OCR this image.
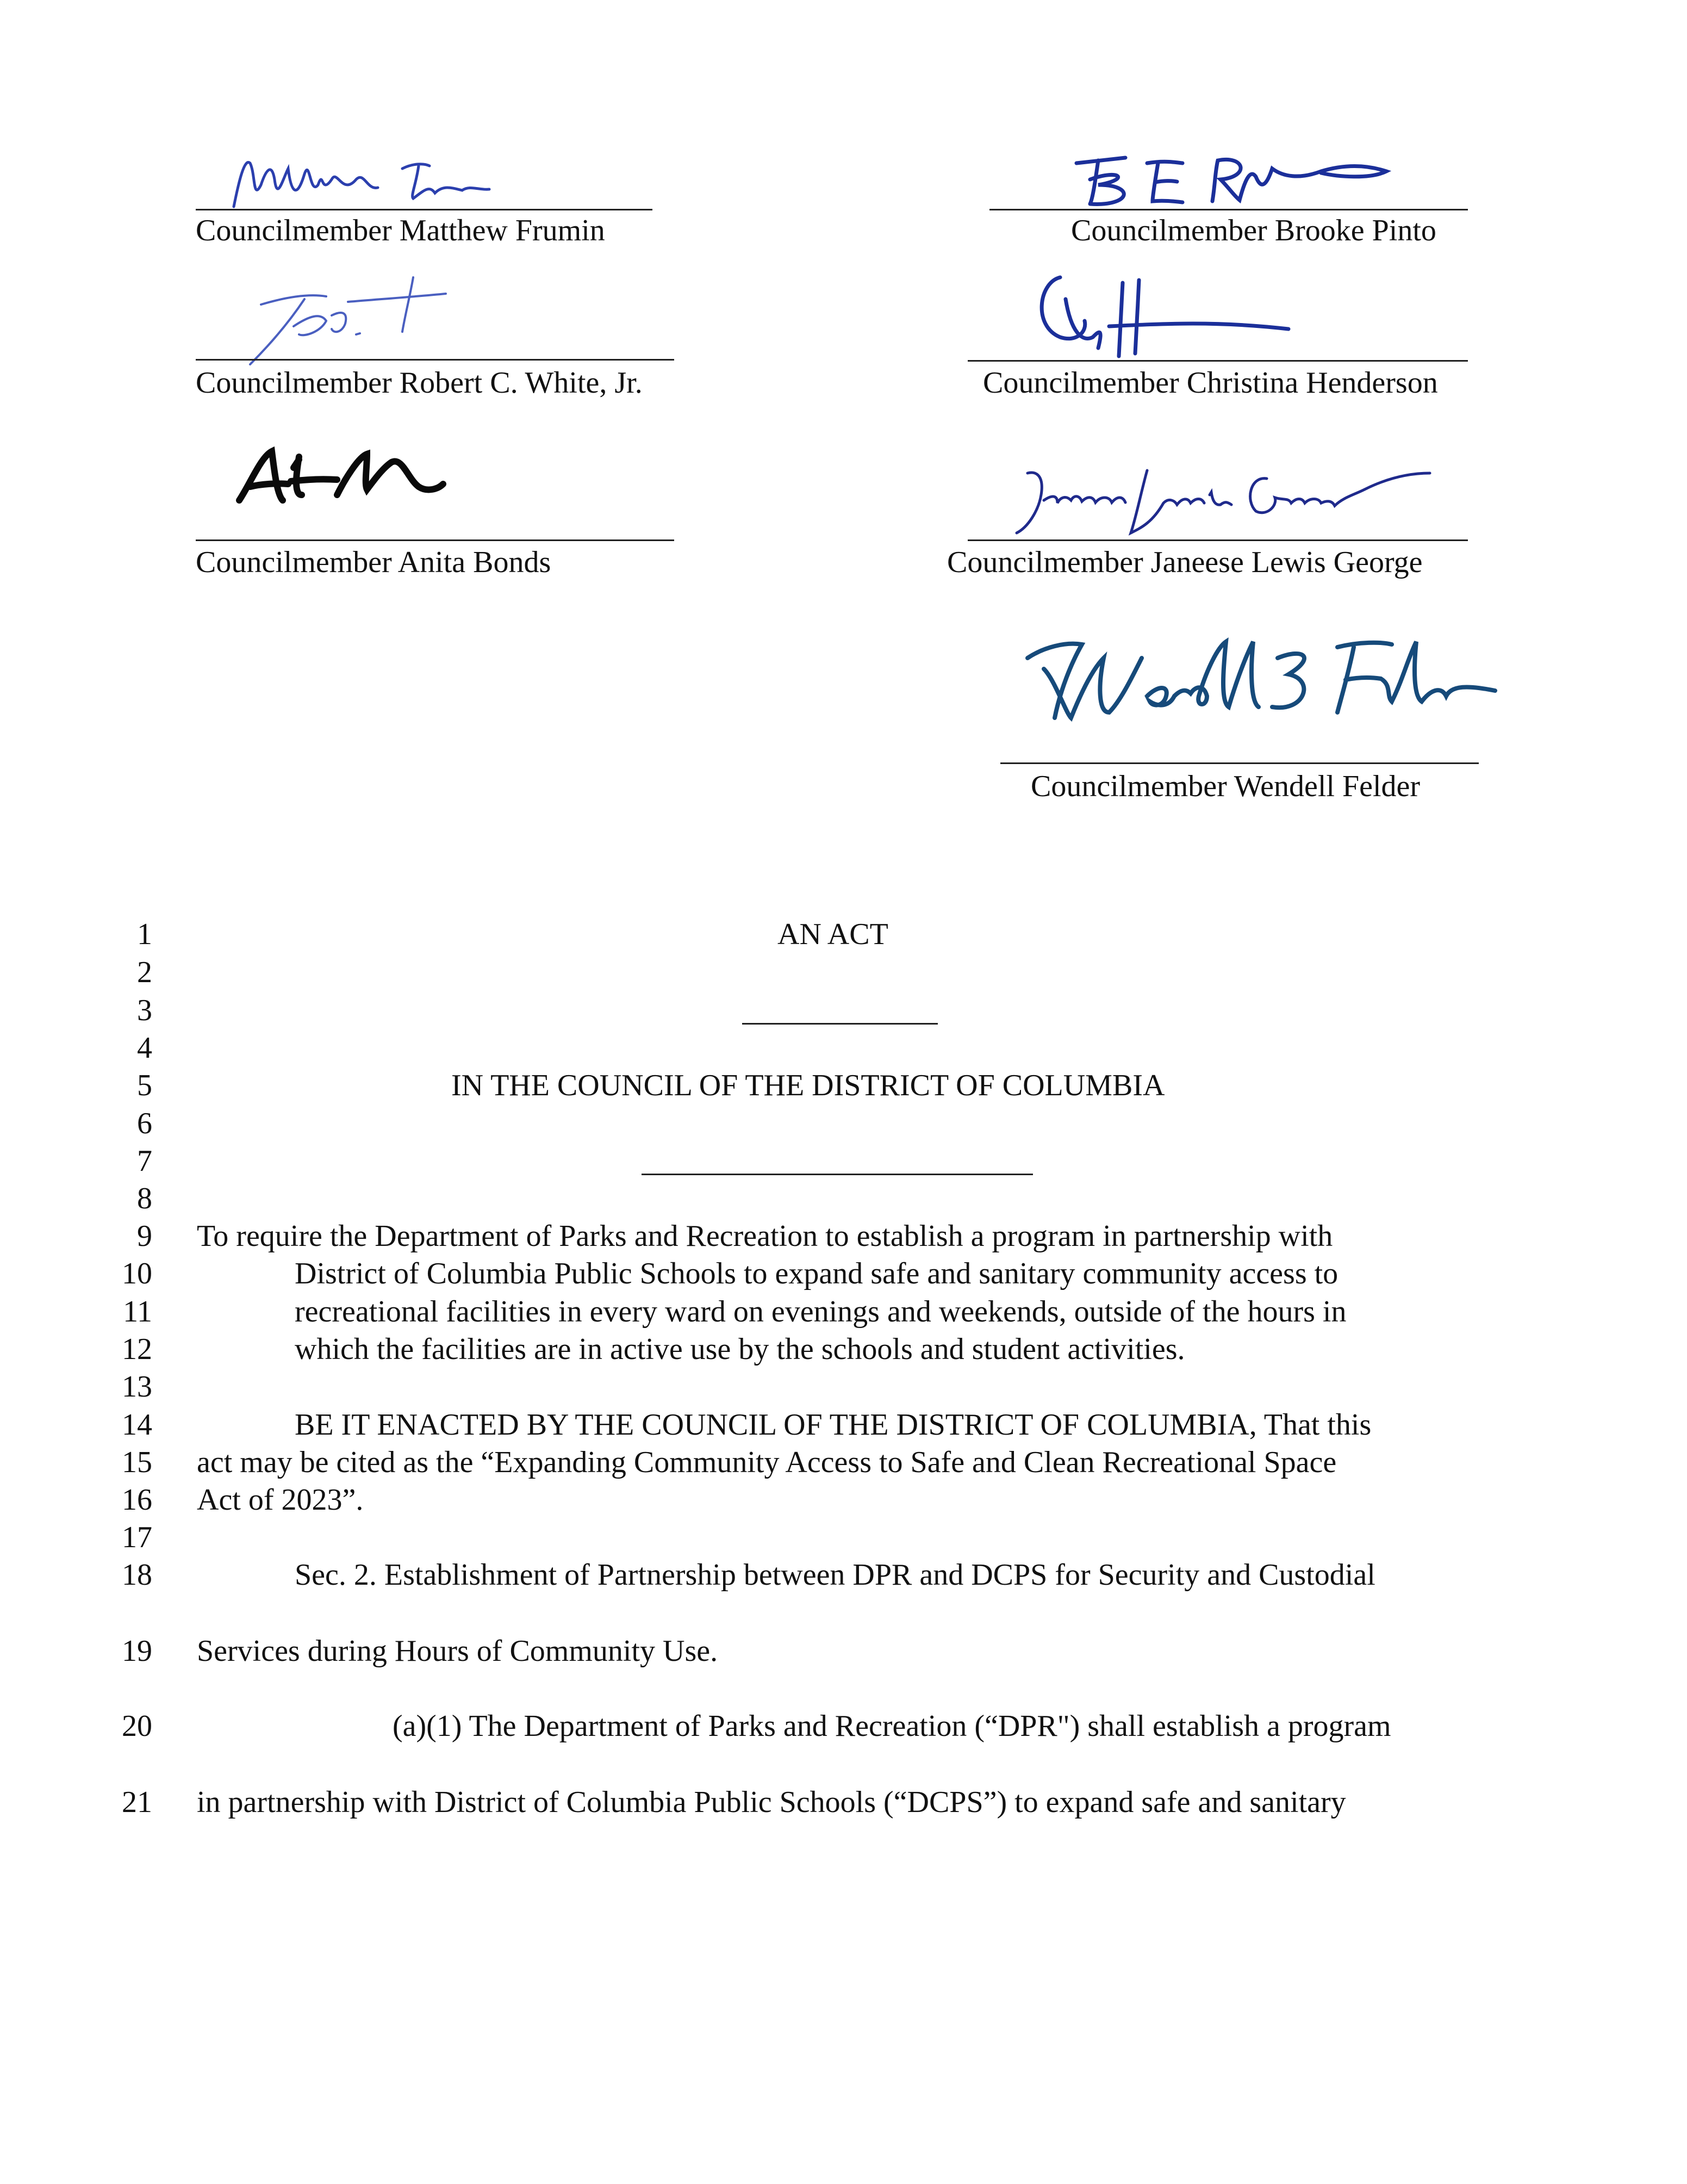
Councilmember Matthew Frumin	Councilmember Brooke Pinto
Councilmember Robert C. White, Jr.	Councilmember Christina Henderson
Councilmember Anita Bonds	Councilmember Janeese Lewis George
Councilmember Wendell Felder
1
2
3
4
5
6
7
8
9
10
11
12
13
14
15
16
17
18
19
20
21
AN ACT
IN THE COUNCIL OF THE DISTRICT OF COLUMBIA
To require the Department of Parks and Recreation to establish a program in partnership with
District of Columbia Public Schools to expand safe and sanitary community access to
recreational facilities in every ward on evenings and weekends, outside of the hours in
which the facilities are in active use by the schools and student activities.
BE IT ENACTED BY THE COUNCIL OF THE DISTRICT OF COLUMBIA, That this
act may be cited as the “Expanding Community Access to Safe and Clean Recreational Space
Act of 2023”.
Sec. 2. Establishment of Partnership between DPR and DCPS for Security and Custodial
Services during Hours of Community Use.
(a)(1) The Department of Parks and Recreation (“DPR") shall establish a program
in partnership with District of Columbia Public Schools (“DCPS”) to expand safe and sanitary
